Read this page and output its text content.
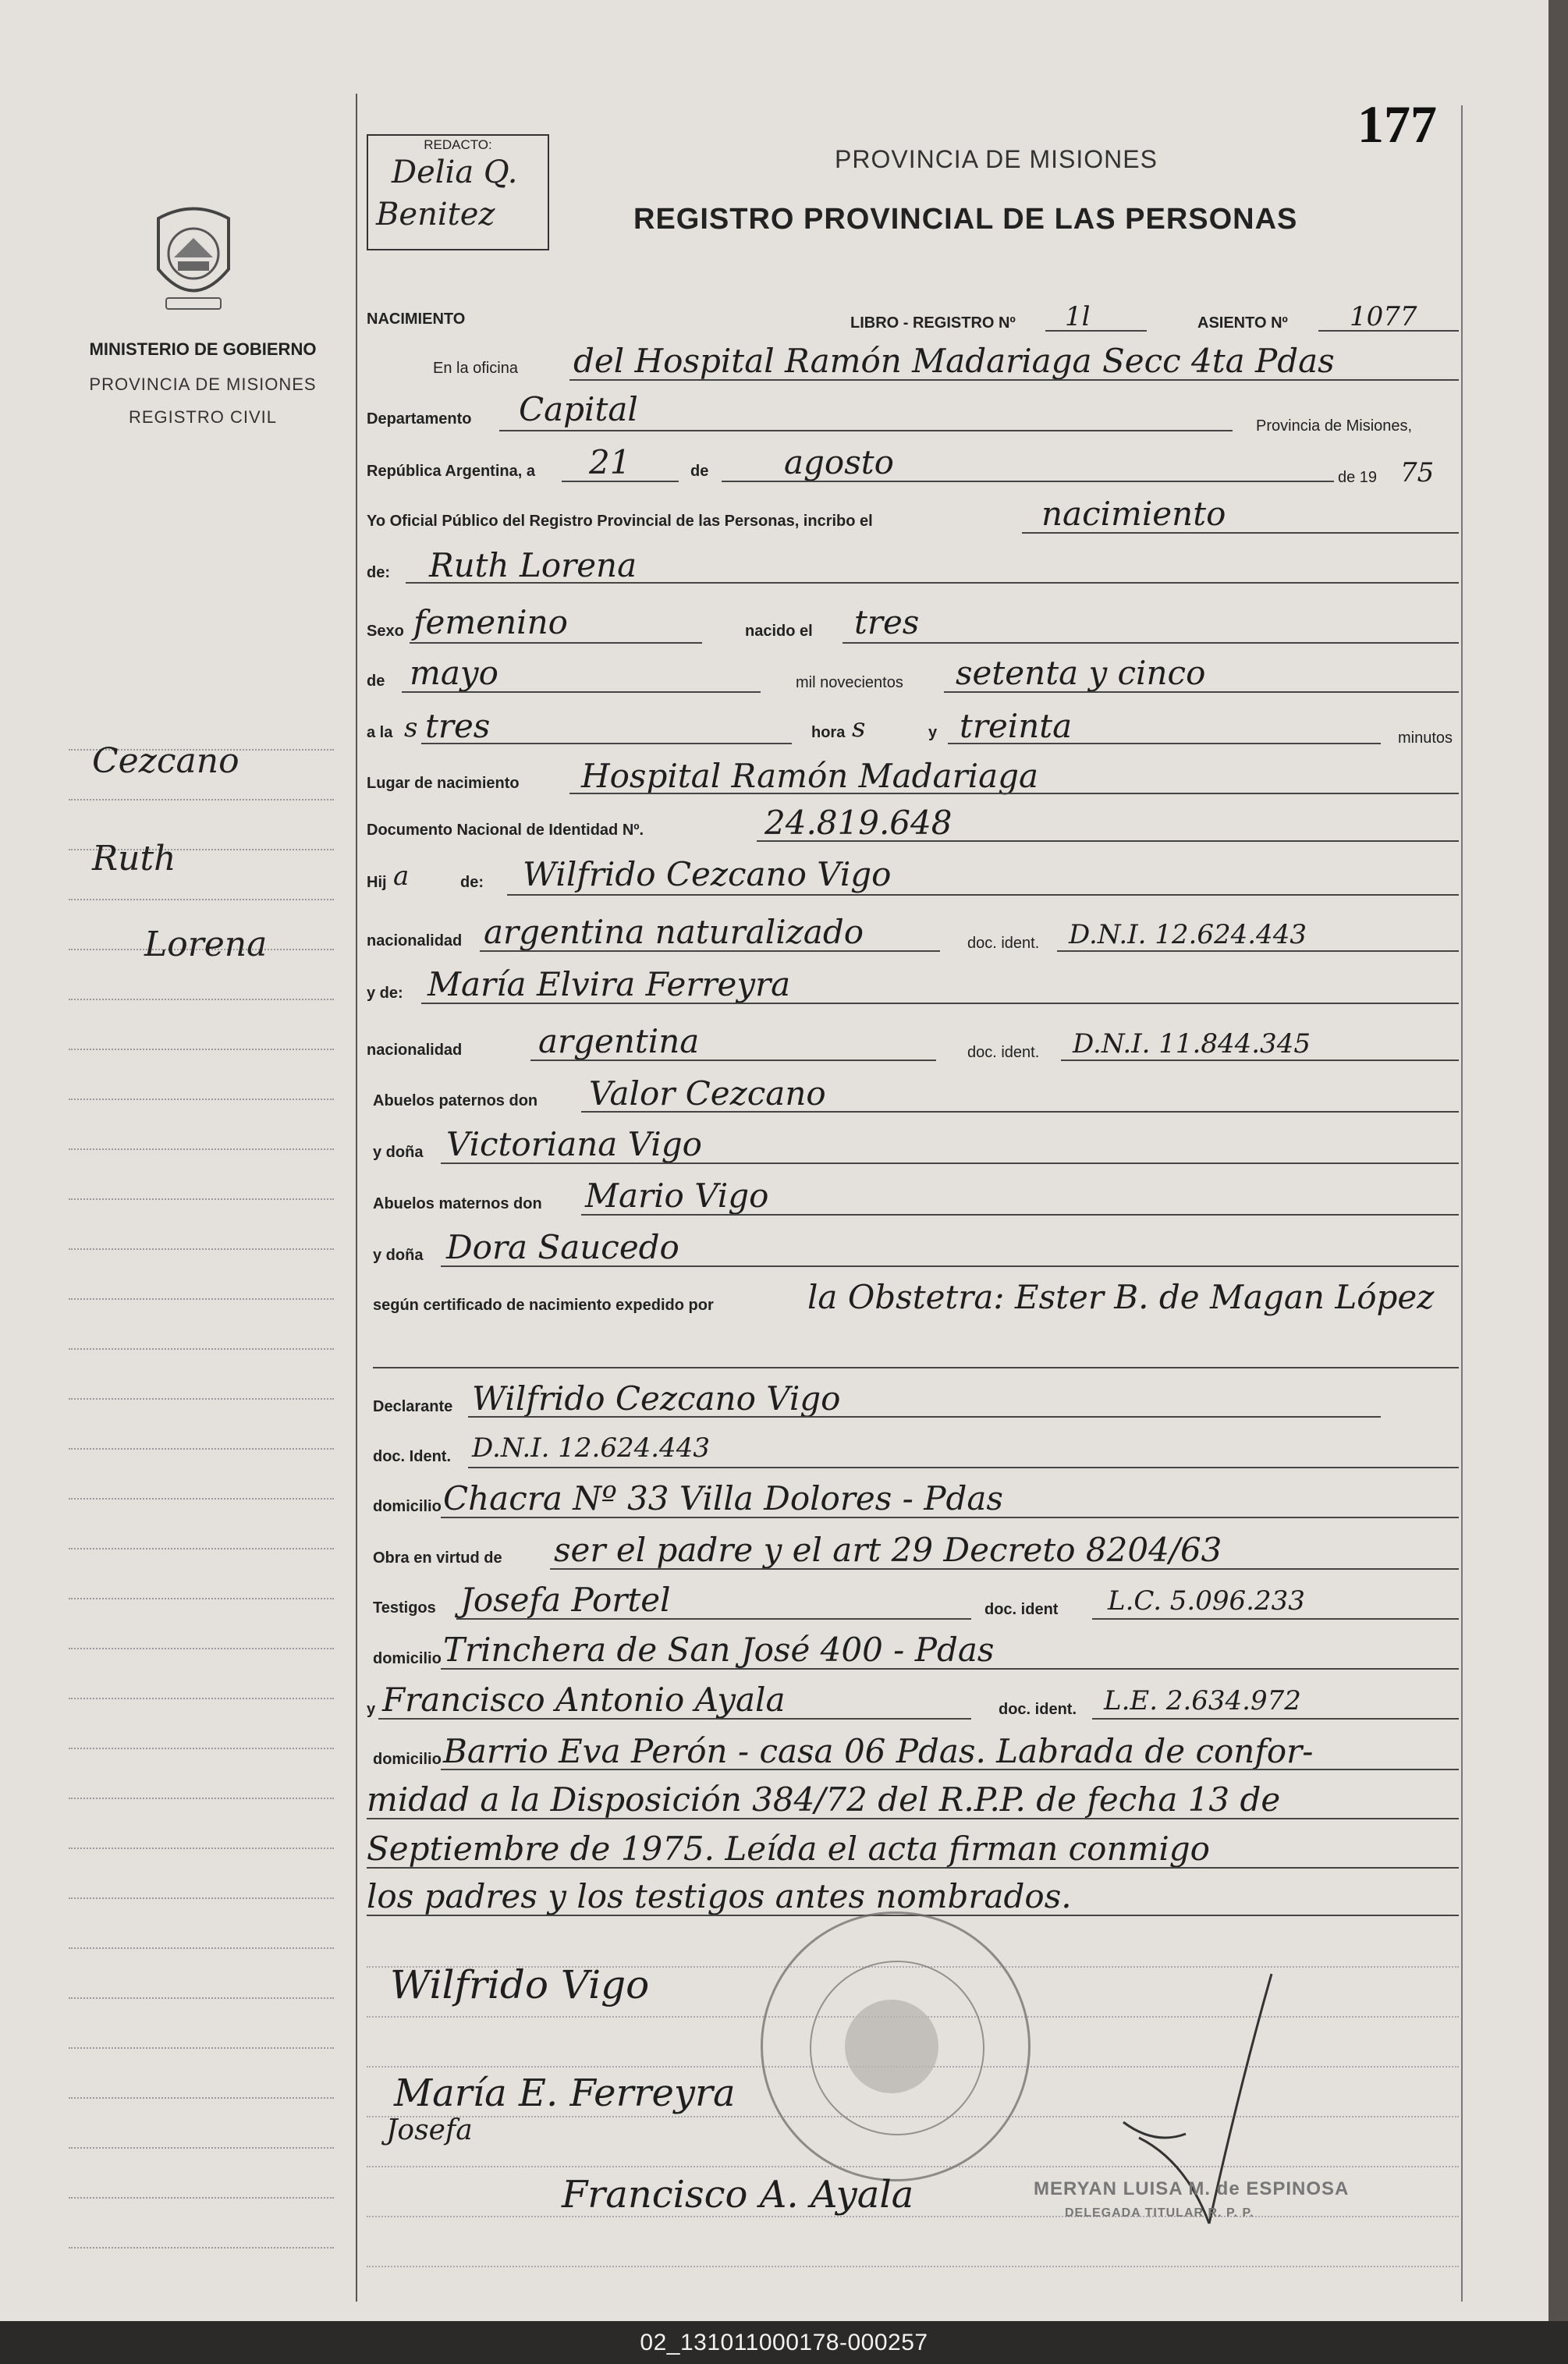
177
REDACTO:
Delia Q.
Benitez
PROVINCIA DE MISIONES
REGISTRO PROVINCIAL DE LAS PERSONAS
MINISTERIO DE GOBIERNO
PROVINCIA DE MISIONES
REGISTRO CIVIL
Cezcano
Ruth
Lorena
NACIMIENTO	LIBRO - REGISTRO Nº 1l	ASIENTO Nº 1077
En la oficina del Hospital Ramón Madariaga Secc 4ta Pdas
Departamento Capital	Provincia de Misiones,
República Argentina, a 21	de agosto	de 19 75
Yo Oficial Público del Registro Provincial de las Personas, incribo el	nacimiento
de: Ruth Lorena
Sexo femenino	nacido el tres
de mayo	mil novecientos setenta y cinco
a la s tres	hora s	y treinta	minutos
Lugar de nacimiento Hospital Ramón Madariaga
Documento Nacional de Identidad Nº.	24.819.648
Hij a	de: Wilfrido Cezcano Vigo
nacionalidad argentina naturalizado	doc. ident. D.N.I. 12.624.443
y de: María Elvira Ferreyra
nacionalidad argentina	doc. ident. D.N.I. 11.844.345
Abuelos paternos don Valor Cezcano
y doña Victoriana Vigo
Abuelos maternos don Mario Vigo
y doña Dora Saucedo
según certificado de nacimiento expedido por	la Obstetra: Ester B. de Magan López
Declarante Wilfrido Cezcano Vigo
doc. Ident. D.N.I. 12.624.443
domicilio Chacra Nº 33 Villa Dolores - Pdas
Obra en virtud de ser el padre y el art 29 Decreto 8204/63
Testigos Josefa Portel	doc. ident L.C. 5.096.233
domicilio Trinchera de San José 400 - Pdas
y Francisco Antonio Ayala	doc. ident. L.E. 2.634.972
domicilio Barrio Eva Perón - casa 06 Pdas. Labrada de confor-
midad a la Disposición 384/72 del R.P.P. de fecha 13 de
Septiembre de 1975. Leída el acta firman conmigo
los padres y los testigos antes nombrados.
Wilfrido Vigo
María E. Ferreyra
Josefa
Francisco A. Ayala	MERYAN LUISA M. de ESPINOSA
DELEGADA TITULAR R. P. P.
02_131011000178-000257
